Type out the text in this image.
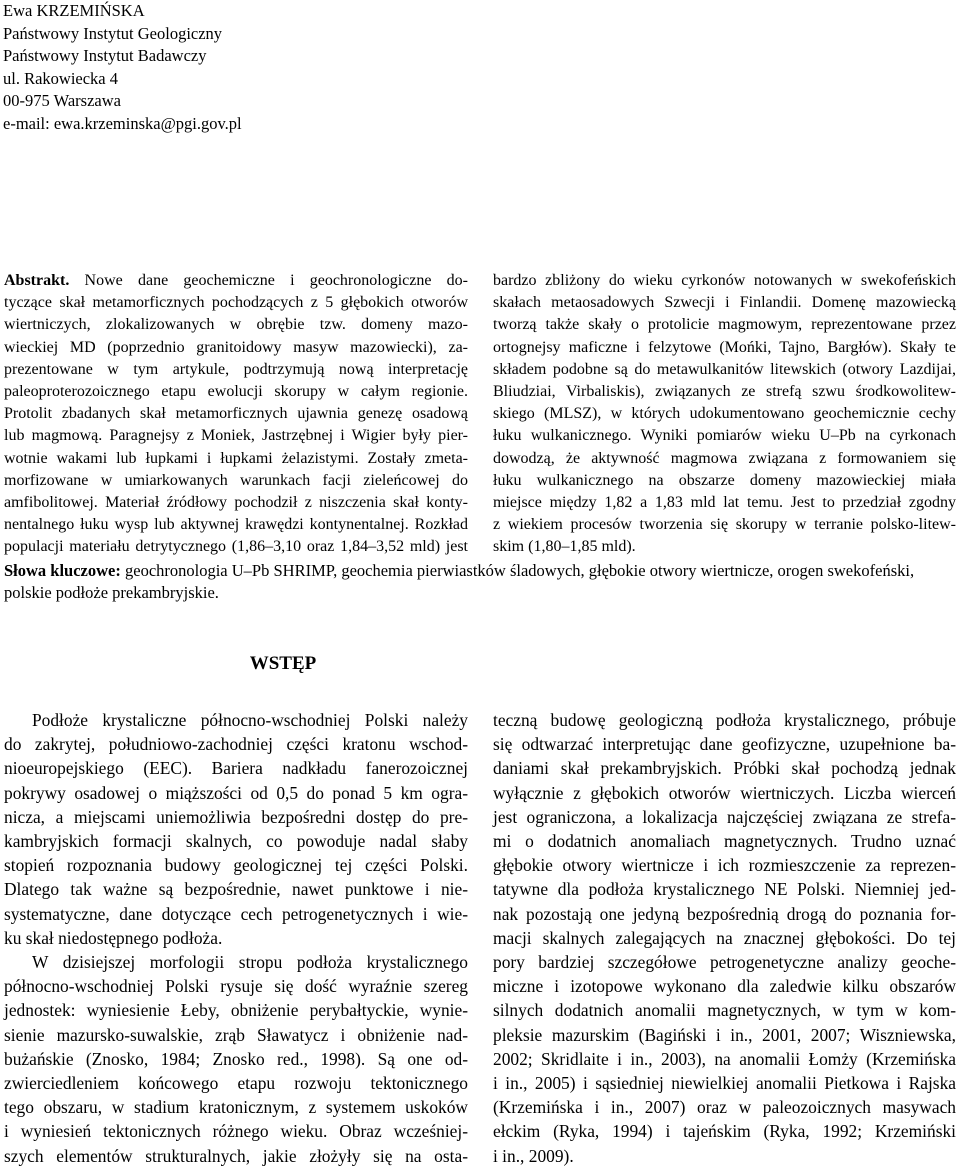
Ewa KRZEMIŃSKA
Państwowy Instytut Geologiczny
Państwowy Instytut Badawczy
ul. Rakowiecka 4
00-975 Warszawa
e-mail: ewa.krzeminska@pgi.gov.pl
Abstrakt. Nowe dane geochemiczne i geochronologiczne do-
tyczące skał metamorficznych pochodzących z 5 głębokich otworów
wiertniczych, zlokalizowanych w obrębie tzw. domeny mazo-
wieckiej MD (poprzednio granitoidowy masyw mazowiecki), za-
prezentowane w tym artykule, podtrzymują nową interpretację
paleoproterozoicznego etapu ewolucji skorupy w całym regionie.
Protolit zbadanych skał metamorficznych ujawnia genezę osadową
lub magmową. Paragnejsy z Moniek, Jastrzębnej i Wigier były pier-
wotnie wakami lub łupkami i łupkami żelazistymi. Zostały zmeta-
morfizowane w umiarkowanych warunkach facji zieleńcowej do
amfibolitowej. Materiał źródłowy pochodził z niszczenia skał konty-
nentalnego łuku wysp lub aktywnej krawędzi kontynentalnej. Rozkład
populacji materiału detrytycznego (1,86–3,10 oraz 1,84–3,52 mld) jest
bardzo zbliżony do wieku cyrkonów notowanych w swekofeńskich
skałach metaosadowych Szwecji i Finlandii. Domenę mazowiecką
tworzą także skały o protolicie magmowym, reprezentowane przez
ortognejsy maficzne i felzytowe (Mońki, Tajno, Bargłów). Skały te
składem podobne są do metawulkanitów litewskich (otwory Lazdijai,
Bliudziai, Virbaliskis), związanych ze strefą szwu środkowolitew-
skiego (MLSZ), w których udokumentowano geochemicznie cechy
łuku wulkanicznego. Wyniki pomiarów wieku U–Pb na cyrkonach
dowodzą, że aktywność magmowa związana z formowaniem się
łuku wulkanicznego na obszarze domeny mazowieckiej miała
miejsce między 1,82 a 1,83 mld lat temu. Jest to przedział zgodny
z wiekiem procesów tworzenia się skorupy w terranie polsko-litew-
skim (1,80–1,85 mld).
Słowa kluczowe: geochronologia U–Pb SHRIMP, geochemia pierwiastków śladowych, głębokie otwory wiertnicze, orogen swekofeński, polskie podłoże prekambryjskie.
WSTĘP
Podłoże krystaliczne północno-wschodniej Polski należy
do zakrytej, południowo-zachodniej części kratonu wschod-
nioeuropejskiego (EEC). Bariera nadkładu fanerozoicznej
pokrywy osadowej o miąższości od 0,5 do ponad 5 km ogra-
nicza, a miejscami uniemożliwia bezpośredni dostęp do pre-
kambryjskich formacji skalnych, co powoduje nadal słaby
stopień rozpoznania budowy geologicznej tej części Polski.
Dlatego tak ważne są bezpośrednie, nawet punktowe i nie-
systematyczne, dane dotyczące cech petrogenetycznych i wie-
ku skał niedostępnego podłoża.
W dzisiejszej morfologii stropu podłoża krystalicznego
północno-wschodniej Polski rysuje się dość wyraźnie szereg
jednostek: wyniesienie Łeby, obniżenie perybałtyckie, wynie-
sienie mazursko-suwalskie, zrąb Sławatycz i obniżenie nad-
bużańskie (Znosko, 1984; Znosko red., 1998). Są one od-
zwierciedleniem końcowego etapu rozwoju tektonicznego
tego obszaru, w stadium kratonicznym, z systemem uskoków
i wyniesień tektonicznych różnego wieku. Obraz wcześniej-
szych elementów strukturalnych, jakie złożyły się na osta-
teczną budowę geologiczną podłoża krystalicznego, próbuje
się odtwarzać interpretując dane geofizyczne, uzupełnione ba-
daniami skał prekambryjskich. Próbki skał pochodzą jednak
wyłącznie z głębokich otworów wiertniczych. Liczba wierceń
jest ograniczona, a lokalizacja najczęściej związana ze strefa-
mi o dodatnich anomaliach magnetycznych. Trudno uznać
głębokie otwory wiertnicze i ich rozmieszczenie za reprezen-
tatywne dla podłoża krystalicznego NE Polski. Niemniej jed-
nak pozostają one jedyną bezpośrednią drogą do poznania for-
macji skalnych zalegających na znacznej głębokości. Do tej
pory bardziej szczegółowe petrogenetyczne analizy geoche-
miczne i izotopowe wykonano dla zaledwie kilku obszarów
silnych dodatnich anomalii magnetycznych, w tym w kom-
pleksie mazurskim (Bagiński i in., 2001, 2007; Wiszniewska,
2002; Skridlaite i in., 2003), na anomalii Łomży (Krzemińska
i in., 2005) i sąsiedniej niewielkiej anomalii Pietkowa i Rajska
(Krzemińska i in., 2007) oraz w paleozoicznych masywach
ełckim (Ryka, 1994) i tajeńskim (Ryka, 1992; Krzemiński
i in., 2009).
